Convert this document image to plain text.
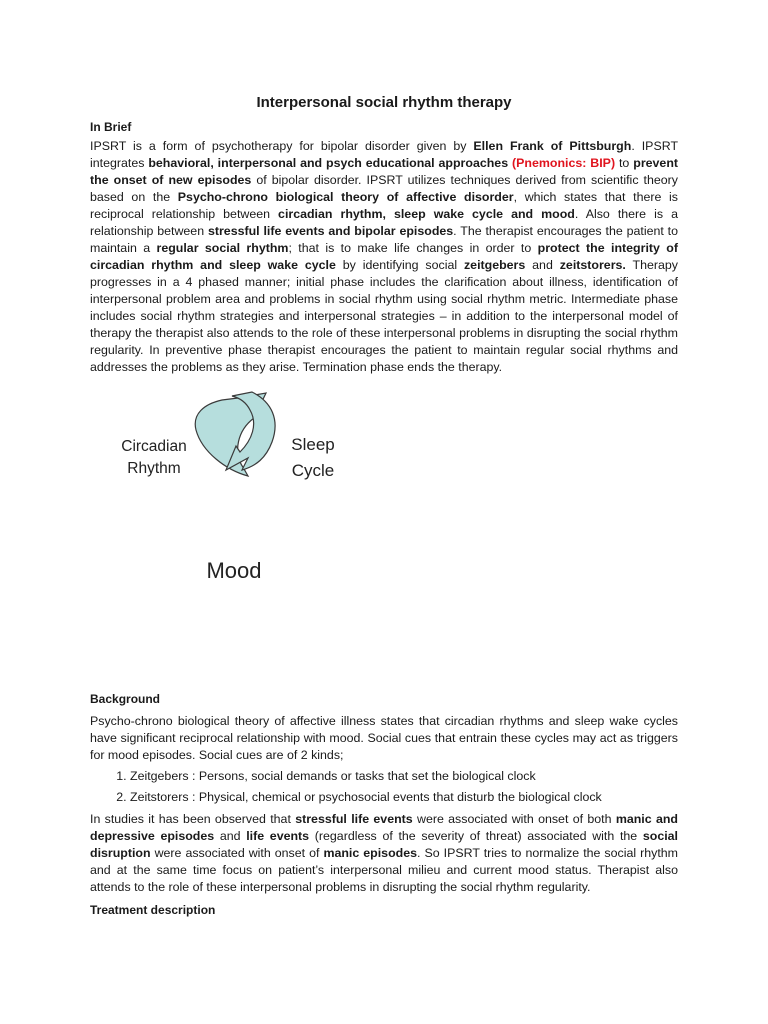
Circadian
Rhythm
Sleep
Cycle
Mood
Interpersonal social rhythm therapy
In Brief
IPSRT is a form of psychotherapy for bipolar disorder given by Ellen Frank of Pittsburgh. IPSRT integrates behavioral, interpersonal and psych educational approaches (Pnemonics: BIP) to prevent the onset of new episodes of bipolar disorder. IPSRT utilizes techniques derived from scientific theory based on the Psycho-chrono biological theory of affective disorder, which states that there is reciprocal relationship between circadian rhythm, sleep wake cycle and mood. Also there is a relationship between stressful life events and bipolar episodes. The therapist encourages the patient to maintain a regular social rhythm; that is to make life changes in order to protect the integrity of circadian rhythm and sleep wake cycle by identifying social zeitgebers and zeitstorers. Therapy progresses in a 4 phased manner; initial phase includes the clarification about illness, identification of interpersonal problem area and problems in social rhythm using social rhythm metric. Intermediate phase includes social rhythm strategies and interpersonal strategies – in addition to the interpersonal model of therapy the therapist also attends to the role of these interpersonal problems in disrupting the social rhythm regularity. In preventive phase therapist encourages the patient to maintain regular social rhythms and addresses the problems as they arise. Termination phase ends the therapy.
Background
Psycho-chrono biological theory of affective illness states that circadian rhythms and sleep wake cycles have significant reciprocal relationship with mood. Social cues that entrain these cycles may act as triggers for mood episodes. Social cues are of 2 kinds;
1. Zeitgebers : Persons, social demands or tasks that set the biological clock
2. Zeitstorers : Physical, chemical or psychosocial events that disturb the biological clock
In studies it has been observed that stressful life events were associated with onset of both manic and depressive episodes and life events (regardless of the severity of threat) associated with the social disruption were associated with onset of manic episodes. So IPSRT tries to normalize the social rhythm and at the same time focus on patient’s interpersonal milieu and current mood status. Therapist also attends to the role of these interpersonal problems in disrupting the social rhythm regularity.
Treatment description
